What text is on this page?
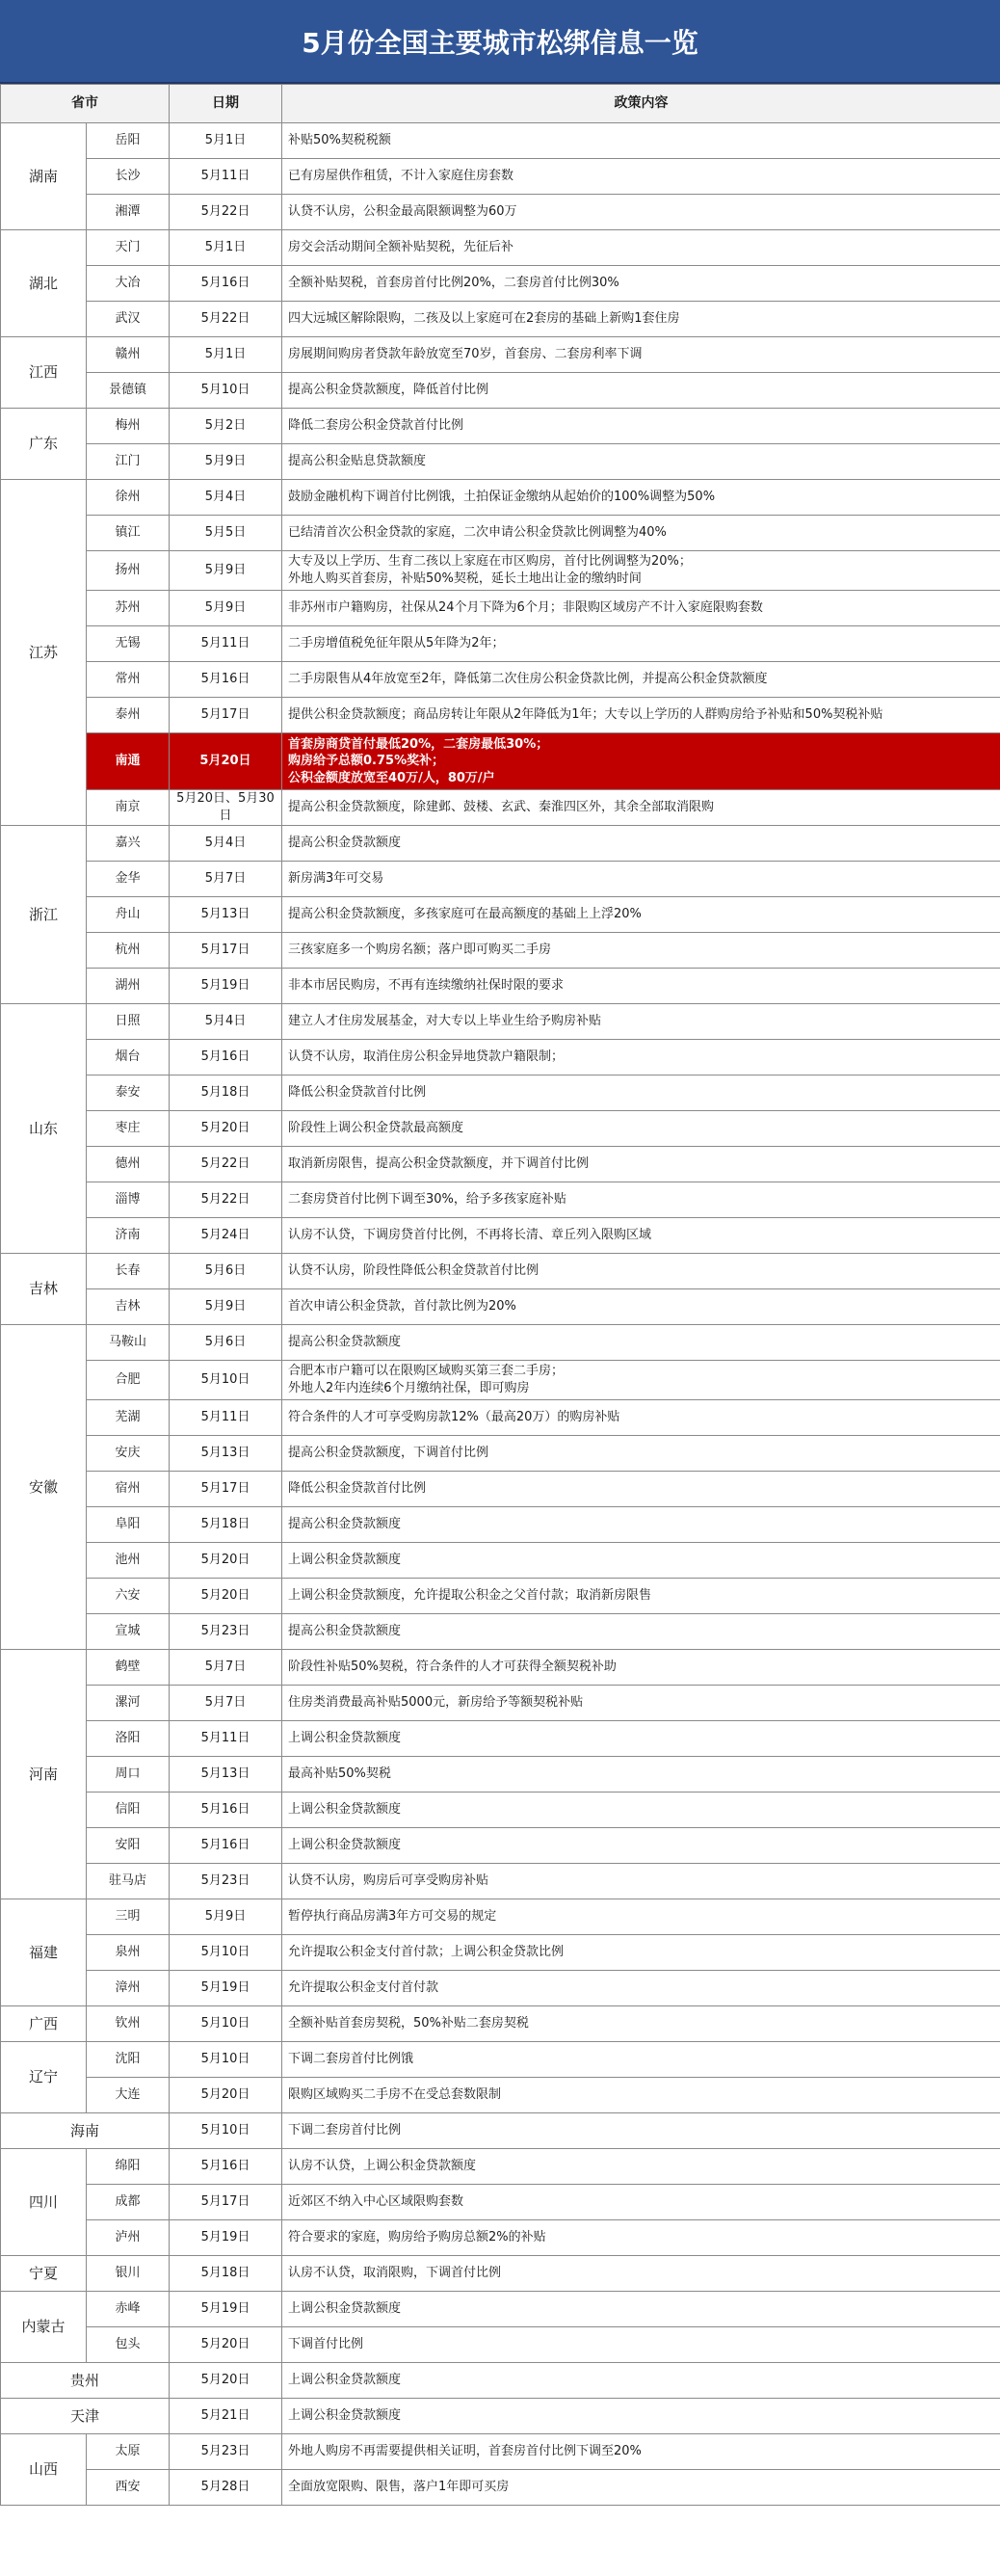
5月份全国主要城市松绑信息一览
省市		日期	政策内容
湖南	岳阳	5月1日	补贴50%契税税额

	长沙	5月11日	已有房屋供作租赁，不计入家庭住房套数

	湘潭	5月22日	认贷不认房，公积金最高限额调整为60万

湖北	天门	5月1日	房交会活动期间全额补贴契税，先征后补

	大冶	5月16日	全额补贴契税，首套房首付比例20%，二套房首付比例30%

	武汉	5月22日	四大远城区解除限购，二孩及以上家庭可在2套房的基础上新购1套住房

江西	赣州	5月1日	房展期间购房者贷款年龄放宽至70岁，首套房、二套房利率下调

	景德镇	5月10日	提高公积金贷款额度，降低首付比例

广东	梅州	5月2日	降低二套房公积金贷款首付比例

	江门	5月9日	提高公积金贴息贷款额度

江苏	徐州	5月4日	鼓励金融机构下调首付比例饿，土拍保证金缴纳从起始价的100%调整为50%

	镇江	5月5日	已结清首次公积金贷款的家庭，二次申请公积金贷款比例调整为40%

	扬州	5月9日	大专及以上学历、生育二孩以上家庭在市区购房，首付比例调整为20%；
外地人购买首套房，补贴50%契税，延长土地出让金的缴纳时间

	苏州	5月9日	非苏州市户籍购房，社保从24个月下降为6个月；非限购区域房产不计入家庭限购套数

	无锡	5月11日	二手房增值税免征年限从5年降为2年；

	常州	5月16日	二手房限售从4年放宽至2年，降低第二次住房公积金贷款比例，并提高公积金贷款额度

	泰州	5月17日	提供公积金贷款额度；商品房转让年限从2年降低为1年；大专以上学历的人群购房给予补贴和50%契税补贴

	南通	5月20日	首套房商贷首付最低20%，二套房最低30%；
购房给予总额0.75%奖补；
公积金额度放宽至40万/人，80万/户

	南京	5月20日、5月30日	提高公积金贷款额度，除建邺、鼓楼、玄武、秦淮四区外，其余全部取消限购

浙江	嘉兴	5月4日	提高公积金贷款额度

	金华	5月7日	新房满3年可交易

	舟山	5月13日	提高公积金贷款额度，多孩家庭可在最高额度的基础上上浮20%

	杭州	5月17日	三孩家庭多一个购房名额；落户即可购买二手房

	湖州	5月19日	非本市居民购房，不再有连续缴纳社保时限的要求

山东	日照	5月4日	建立人才住房发展基金，对大专以上毕业生给予购房补贴

	烟台	5月16日	认贷不认房，取消住房公积金异地贷款户籍限制；

	泰安	5月18日	降低公积金贷款首付比例

	枣庄	5月20日	阶段性上调公积金贷款最高额度

	德州	5月22日	取消新房限售，提高公积金贷款额度，并下调首付比例

	淄博	5月22日	二套房贷首付比例下调至30%，给予多孩家庭补贴

	济南	5月24日	认房不认贷，下调房贷首付比例，不再将长清、章丘列入限购区域

吉林	长春	5月6日	认贷不认房，阶段性降低公积金贷款首付比例

	吉林	5月9日	首次申请公积金贷款，首付款比例为20%

安徽	马鞍山	5月6日	提高公积金贷款额度

	合肥	5月10日	合肥本市户籍可以在限购区域购买第三套二手房；
外地人2年内连续6个月缴纳社保，即可购房

	芜湖	5月11日	符合条件的人才可享受购房款12%（最高20万）的购房补贴

	安庆	5月13日	提高公积金贷款额度，下调首付比例

	宿州	5月17日	降低公积金贷款首付比例

	阜阳	5月18日	提高公积金贷款额度

	池州	5月20日	上调公积金贷款额度

	六安	5月20日	上调公积金贷款额度，允许提取公积金之父首付款；取消新房限售

	宣城	5月23日	提高公积金贷款额度

河南	鹤壁	5月7日	阶段性补贴50%契税，符合条件的人才可获得全额契税补助

	漯河	5月7日	住房类消费最高补贴5000元，新房给予等额契税补贴

	洛阳	5月11日	上调公积金贷款额度

	周口	5月13日	最高补贴50%契税

	信阳	5月16日	上调公积金贷款额度

	安阳	5月16日	上调公积金贷款额度

	驻马店	5月23日	认贷不认房，购房后可享受购房补贴

福建	三明	5月9日	暂停执行商品房满3年方可交易的规定

	泉州	5月10日	允许提取公积金支付首付款；上调公积金贷款比例

	漳州	5月19日	允许提取公积金支付首付款

广西	钦州	5月10日	全额补贴首套房契税，50%补贴二套房契税

辽宁	沈阳	5月10日	下调二套房首付比例饿

	大连	5月20日	限购区域购买二手房不在受总套数限制

海南		5月10日	下调二套房首付比例

四川	绵阳	5月16日	认房不认贷，上调公积金贷款额度

	成都	5月17日	近郊区不纳入中心区域限购套数

	泸州	5月19日	符合要求的家庭，购房给予购房总额2%的补贴

宁夏	银川	5月18日	认房不认贷，取消限购，下调首付比例

内蒙古	赤峰	5月19日	上调公积金贷款额度

	包头	5月20日	下调首付比例

贵州		5月20日	上调公积金贷款额度

天津		5月21日	上调公积金贷款额度

山西	太原	5月23日	外地人购房不再需要提供相关证明，首套房首付比例下调至20%

	西安	5月28日	全面放宽限购、限售，落户1年即可买房
